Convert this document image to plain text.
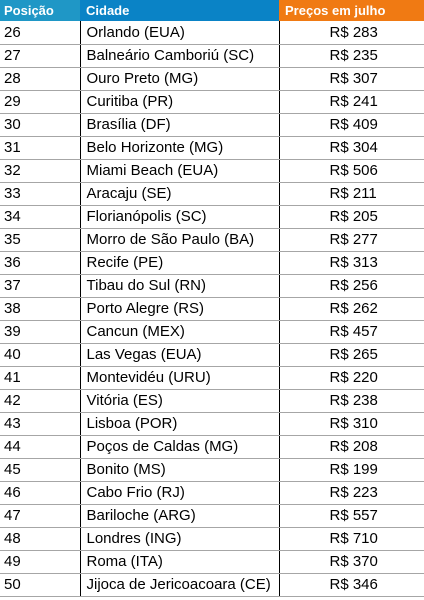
Posição	Cidade	Preços em julho
26	Orlando (EUA)	R$ 283
27	Balneário Camboriú (SC)	R$ 235
28	Ouro Preto (MG)	R$ 307
29	Curitiba (PR)	R$ 241
30	Brasília (DF)	R$ 409
31	Belo Horizonte (MG)	R$ 304
32	Miami Beach (EUA)	R$ 506
33	Aracaju (SE)	R$ 211
34	Florianópolis (SC)	R$ 205
35	Morro de São Paulo (BA)	R$ 277
36	Recife (PE)	R$ 313
37	Tibau do Sul (RN)	R$ 256
38	Porto Alegre (RS)	R$ 262
39	Cancun (MEX)	R$ 457
40	Las Vegas (EUA)	R$ 265
41	Montevidéu (URU)	R$ 220
42	Vitória (ES)	R$ 238
43	Lisboa (POR)	R$ 310
44	Poços de Caldas (MG)	R$ 208
45	Bonito (MS)	R$ 199
46	Cabo Frio (RJ)	R$ 223
47	Bariloche (ARG)	R$ 557
48	Londres (ING)	R$ 710
49	Roma (ITA)	R$ 370
50	Jijoca de Jericoacoara (CE)	R$ 346
